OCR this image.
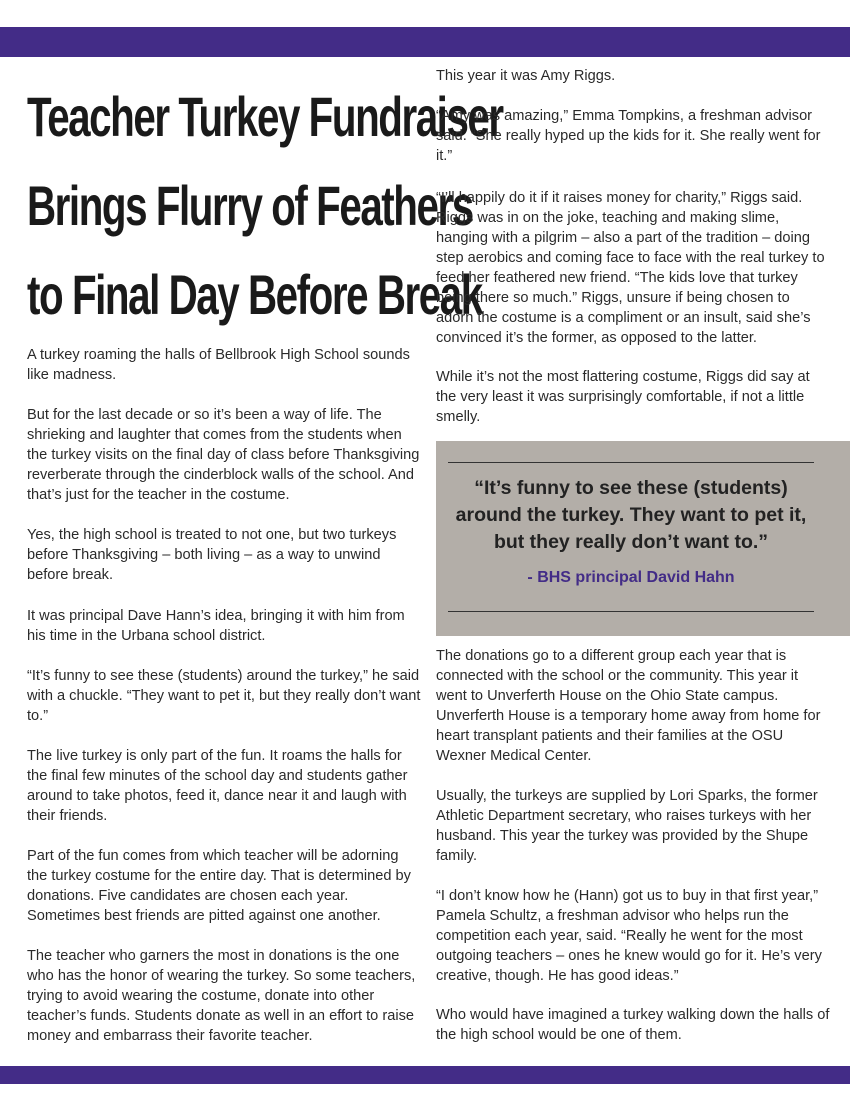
Teacher Turkey Fundraiser
Brings Flurry of Feathers
to Final Day Before Break

A turkey roaming the halls of Bellbrook High School sounds like madness.

But for the last decade or so it’s been a way of life. The shrieking and laughter that comes from the students when the turkey visits on the final day of class before Thanksgiving reverberate through the cinderblock walls of the school. And that’s just for the teacher in the costume.

Yes, the high school is treated to not one, but two turkeys before Thanksgiving – both living – as a way to unwind before break.

It was principal Dave Hann’s idea, bringing it with him from his time in the Urbana school district.

“It’s funny to see these (students) around the turkey,” he said with a chuckle. “They want to pet it, but they really don’t want to.”

The live turkey is only part of the fun. It roams the halls for the final few minutes of the school day and students gather around to take photos, feed it, dance near it and laugh with their friends.

Part of the fun comes from which teacher will be adorning the turkey costume for the entire day. That is determined by donations. Five candidates are chosen each year. Sometimes best friends are pitted against one another.

The teacher who garners the most in donations is the one who has the honor of wearing the turkey. So some teachers, trying to avoid wearing the costume, donate into other teacher’s funds. Students donate as well in an effort to raise money and embarrass their favorite teacher.

This year it was Amy Riggs.

“Amy was amazing,” Emma Tompkins, a freshman advisor said. “She really hyped up the kids for it. She really went for it.”

“I’ll happily do it if it raises money for charity,” Riggs said. Riggs was in on the joke, teaching and making slime, hanging with a pilgrim – also a part of the tradition – doing step aerobics and coming face to face with the real turkey to feed her feathered new friend. “The kids love that turkey being there so much.” Riggs, unsure if being chosen to adorn the costume is a compliment or an insult, said she’s convinced it’s the former, as opposed to the latter.

While it’s not the most flattering costume, Riggs did say at the very least it was surprisingly comfortable, if not a little smelly.

“It’s funny to see these (students) around the turkey. They want to pet it, but they really don’t want to.”

- BHS principal David Hahn

The donations go to a different group each year that is connected with the school or the community. This year it went to Unverferth House on the Ohio State campus. Unverferth House is a temporary home away from home for heart transplant patients and their families at the OSU Wexner Medical Center.

Usually, the turkeys are supplied by Lori Sparks, the former Athletic Department secretary, who raises turkeys with her husband. This year the turkey was provided by the Shupe family.

“I don’t know how he (Hann) got us to buy in that first year,” Pamela Schultz, a freshman advisor who helps run the competition each year, said. “Really he went for the most outgoing teachers – ones he knew would go for it. He’s very creative, though. He has good ideas.”

Who would have imagined a turkey walking down the halls of the high school would be one of them.
